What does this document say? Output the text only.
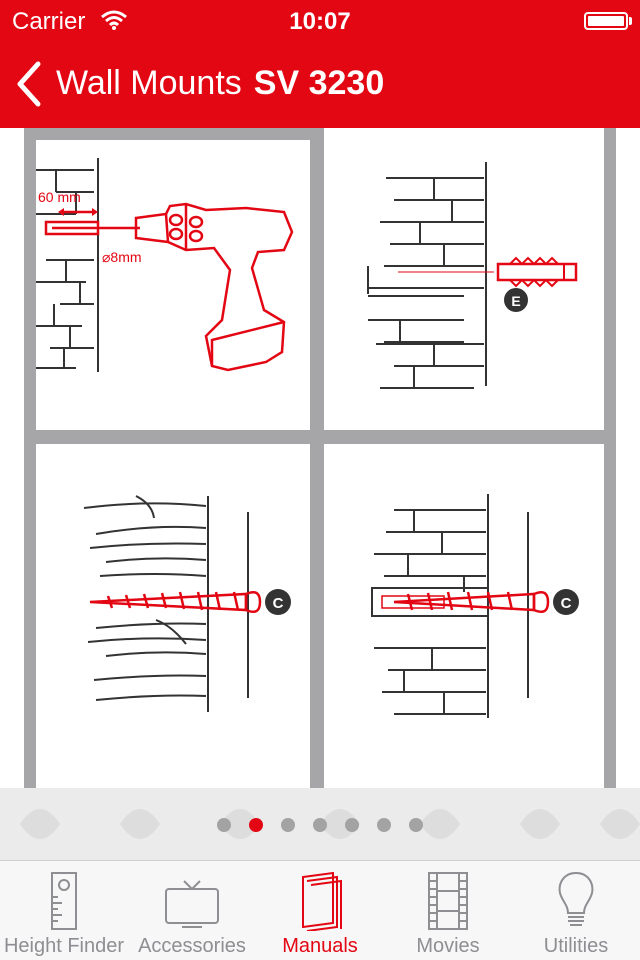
Carrier	10:07
Wall Mounts SV 3230
60 mm
⌀8mm
E
C	C
Height Finder Accessories	Manuals	Movies	Utilities
